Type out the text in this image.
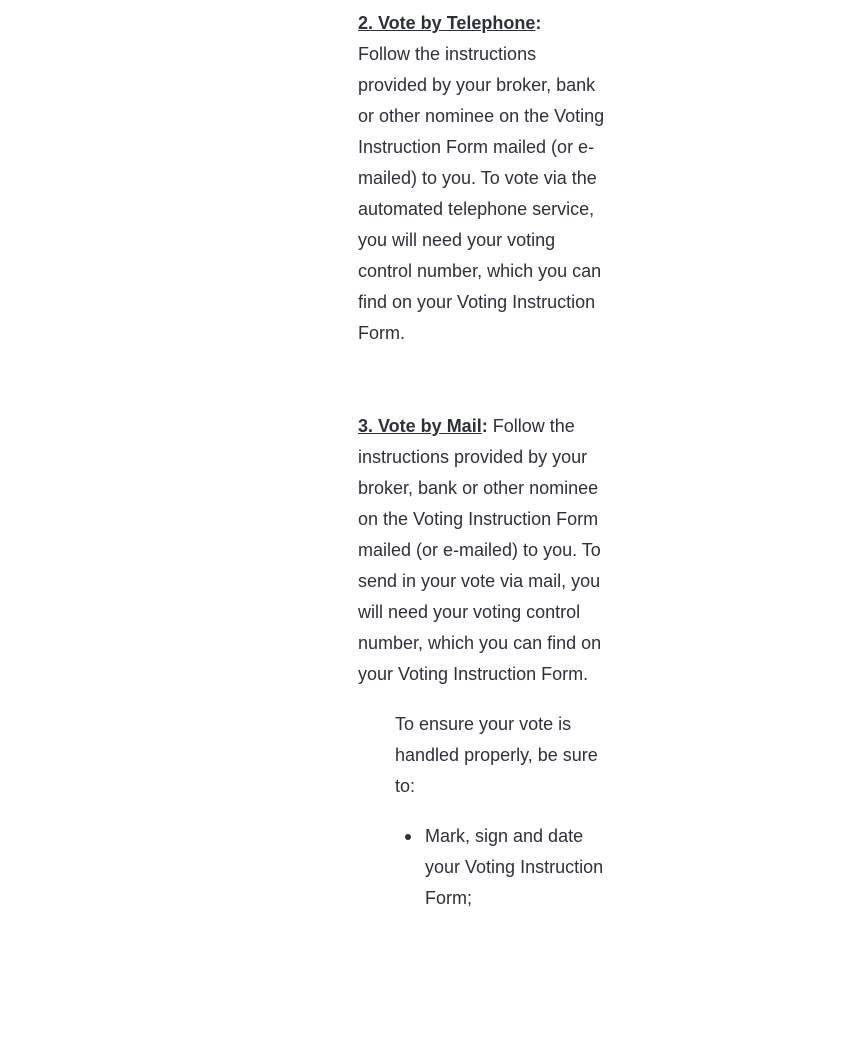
2. Vote by Telephone:
Follow the instructions provided by your broker, bank or other nominee on the Voting Instruction Form mailed (or e-mailed) to you. To vote via the automated telephone service, you will need your voting control number, which you can find on your Voting Instruction Form.

3. Vote by Mail: Follow the instructions provided by your broker, bank or other nominee on the Voting Instruction Form mailed (or e-mailed) to you. To send in your vote via mail, you will need your voting control number, which you can find on your Voting Instruction Form.

To ensure your vote is handled properly, be sure to:

Mark, sign and date your Voting Instruction Form;
